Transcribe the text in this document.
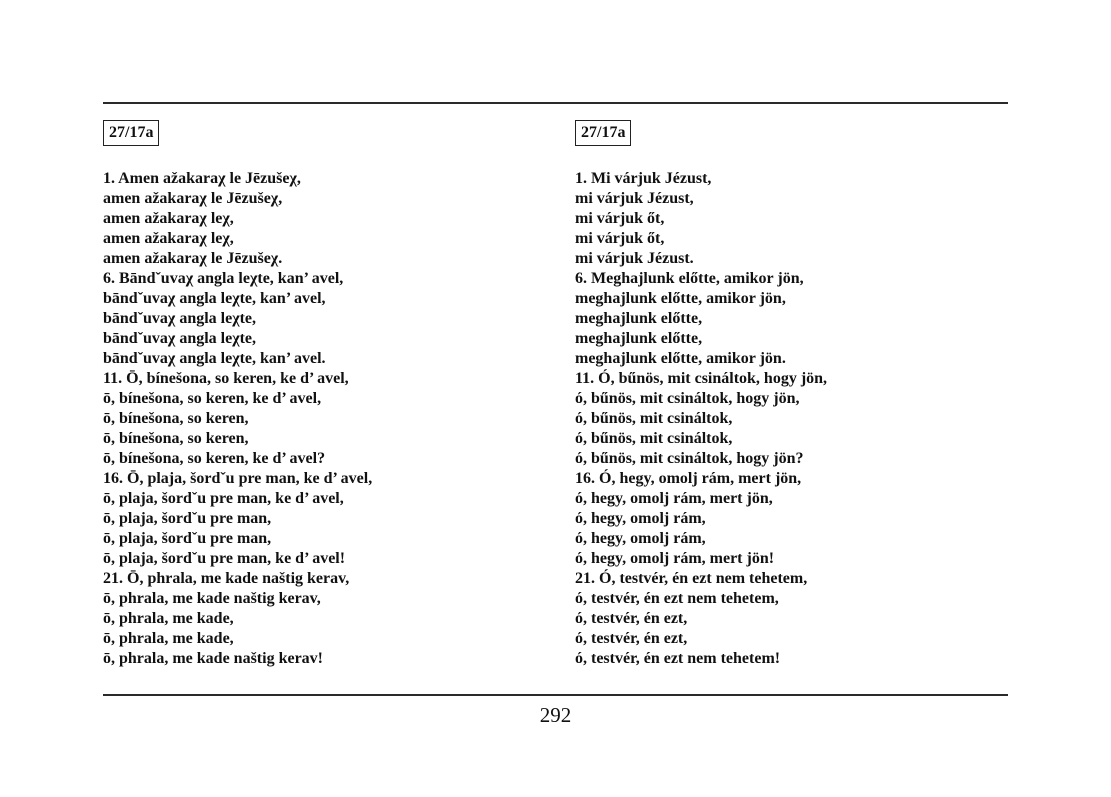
27/17a
1. Amen ažakaraχ le Jēzušeχ,
amen ažakaraχ le Jēzušeχ,
amen ažakaraχ leχ,
amen ažakaraχ leχ,
amen ažakaraχ le Jēzušeχ.
6. Bāndˇuvaχ angla leχte, kan’ avel,
bāndˇuvaχ angla leχte, kan’ avel,
bāndˇuvaχ angla leχte,
bāndˇuvaχ angla leχte,
bāndˇuvaχ angla leχte, kan’ avel.
11. Ō, bínešona, so keren, ke d’ avel,
ō, bínešona, so keren, ke d’ avel,
ō, bínešona, so keren,
ō, bínešona, so keren,
ō, bínešona, so keren, ke d’ avel?
16. Ō, plaja, šordˇu pre man, ke d’ avel,
ō, plaja, šordˇu pre man, ke d’ avel,
ō, plaja, šordˇu pre man,
ō, plaja, šordˇu pre man,
ō, plaja, šordˇu pre man, ke d’ avel!
21. Ō, phrala, me kade naštig kerav,
ō, phrala, me kade naštig kerav,
ō, phrala, me kade,
ō, phrala, me kade,
ō, phrala, me kade naštig kerav!
27/17a
1. Mi várjuk Jézust,
mi várjuk Jézust,
mi várjuk őt,
mi várjuk őt,
mi várjuk Jézust.
6. Meghajlunk előtte, amikor jön,
meghajlunk előtte, amikor jön,
meghajlunk előtte,
meghajlunk előtte,
meghajlunk előtte, amikor jön.
11. Ó, bűnös, mit csináltok, hogy jön,
ó, bűnös, mit csináltok, hogy jön,
ó, bűnös, mit csináltok,
ó, bűnös, mit csináltok,
ó, bűnös, mit csináltok, hogy jön?
16. Ó, hegy, omolj rám, mert jön,
ó, hegy, omolj rám, mert jön,
ó, hegy, omolj rám,
ó, hegy, omolj rám,
ó, hegy, omolj rám, mert jön!
21. Ó, testvér, én ezt nem tehetem,
ó, testvér, én ezt nem tehetem,
ó, testvér, én ezt,
ó, testvér, én ezt,
ó, testvér, én ezt nem tehetem!
292
